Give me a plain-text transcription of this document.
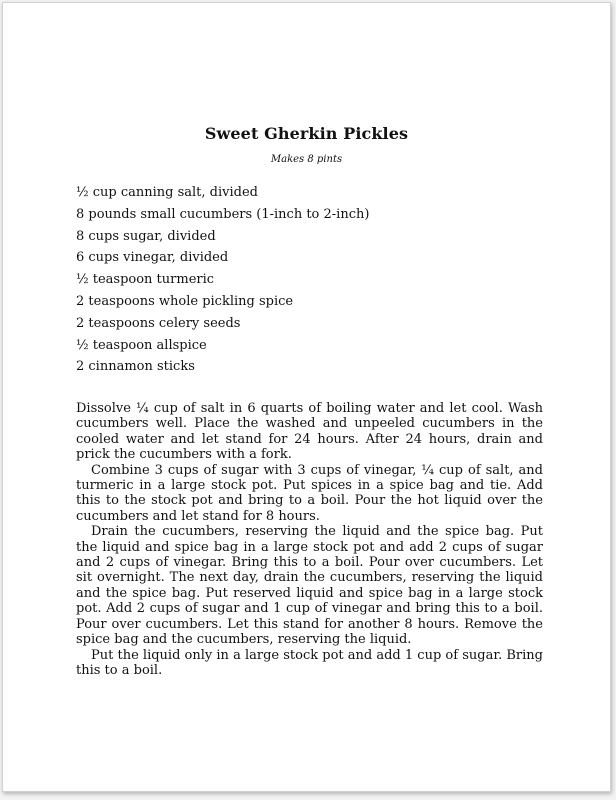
Sweet Gherkin Pickles
Makes 8 pints
½ cup canning salt, divided
8 pounds small cucumbers (1-inch to 2-inch)
8 cups sugar, divided
6 cups vinegar, divided
½ teaspoon turmeric
2 teaspoons whole pickling spice
2 teaspoons celery seeds
½ teaspoon allspice
2 cinnamon sticks

Dissolve ¼ cup of salt in 6 quarts of boiling water and let cool. Wash cucumbers well. Place the washed and unpeeled cucumbers in the cooled water and let stand for 24 hours. After 24 hours, drain and prick the cucumbers with a fork.

Combine 3 cups of sugar with 3 cups of vinegar, ¼ cup of salt, and turmeric in a large stock pot. Put spices in a spice bag and tie. Add this to the stock pot and bring to a boil. Pour the hot liquid over the cucumbers and let stand for 8 hours.

Drain the cucumbers, reserving the liquid and the spice bag. Put the liquid and spice bag in a large stock pot and add 2 cups of sugar and 2 cups of vinegar. Bring this to a boil. Pour over cucumbers. Let sit overnight. The next day, drain the cucumbers, reserving the liquid and the spice bag. Put reserved liquid and spice bag in a large stock pot. Add 2 cups of sugar and 1 cup of vinegar and bring this to a boil. Pour over cucumbers. Let this stand for another 8 hours. Remove the spice bag and the cucumbers, reserving the liquid.

Put the liquid only in a large stock pot and add 1 cup of sugar. Bring this to a boil.
